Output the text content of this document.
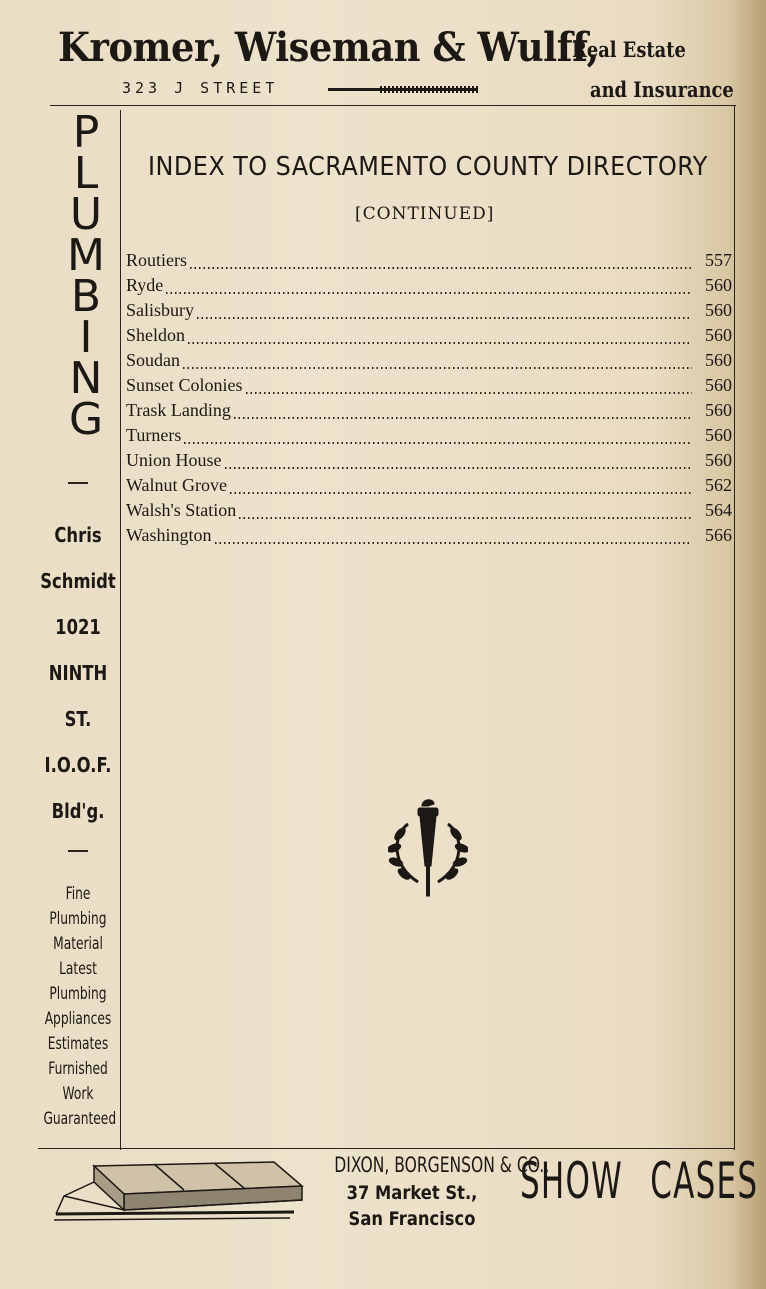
Kromer, Wiseman & Wulff,
323 J STREET
Real Estate
and Insurance
P
L
U
M
B
I
N
G
Chris
Schmidt
1021
NINTH
ST.
I.O.O.F.
Bld'g.
Fine
Plumbing
Material
Latest
Plumbing
Appliances
Estimates
Furnished
Work
Guaranteed
INDEX TO SACRAMENTO COUNTY DIRECTORY
[CONTINUED]
Routiers	557
Ryde	560
Salisbury	560
Sheldon	560
Soudan	560
Sunset Colonies	560
Trask Landing	560
Turners	560
Union House	560
Walnut Grove	562
Walsh's Station	564
Washington	566
DIXON, BORGENSON & CO.,
37 Market St.,
San Francisco
SHOW CASES
